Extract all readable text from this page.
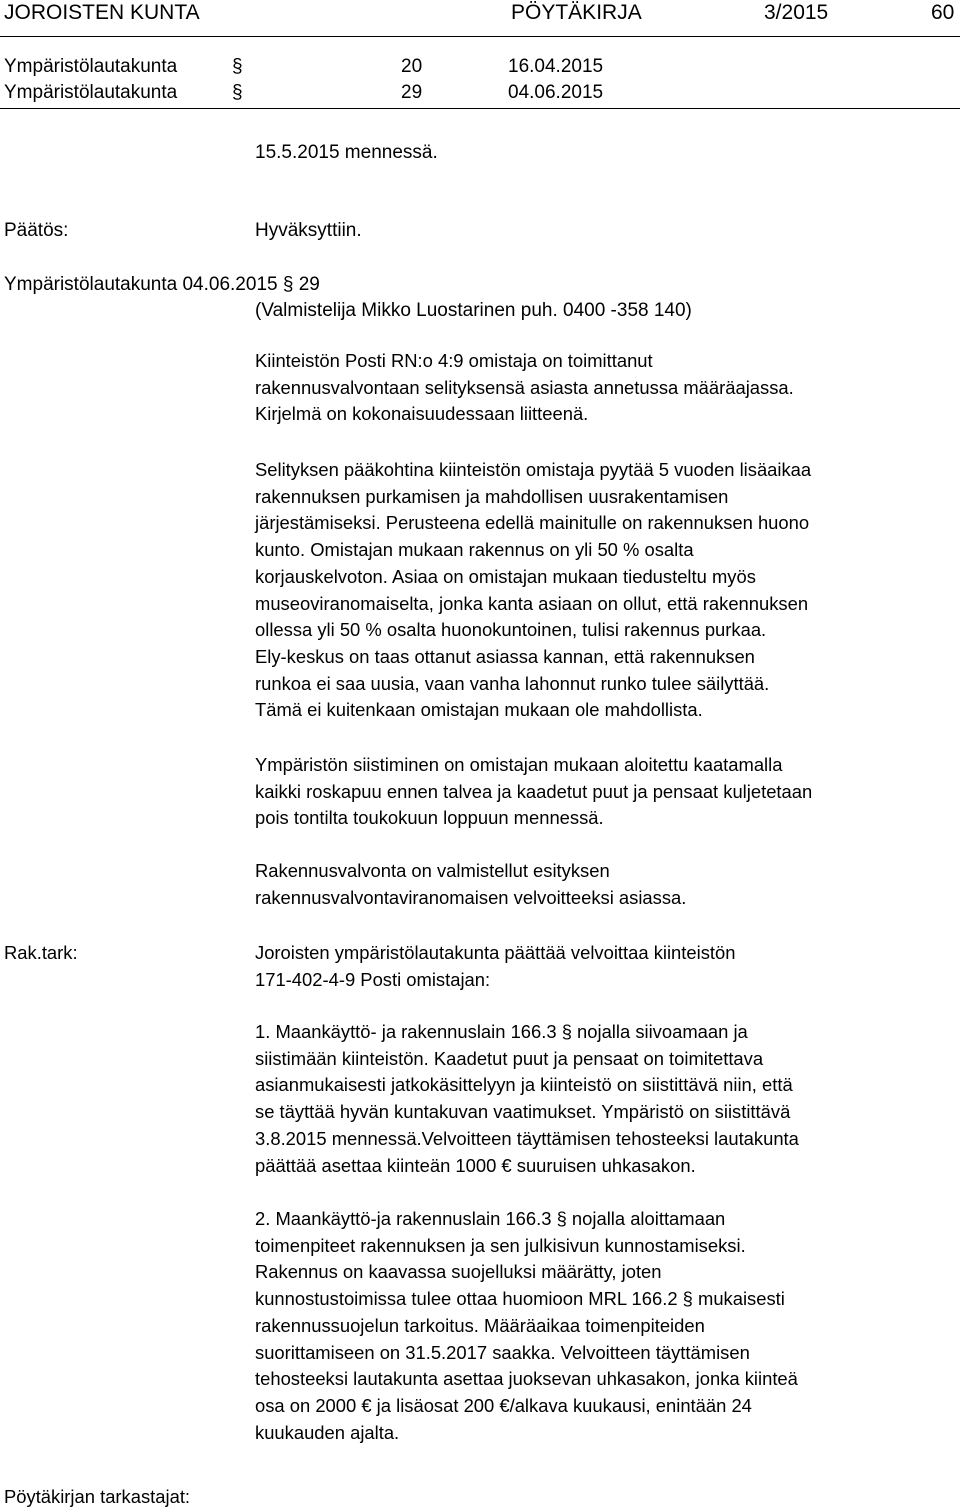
JOROISTEN KUNTA	PÖYTÄKIRJA	3/2015	60
Ympäristölautakunta	§	20	16.04.2015
Ympäristölautakunta	§	29	04.06.2015
15.5.2015 mennessä.
Päätös:	Hyväksyttiin.
Ympäristölautakunta 04.06.2015 § 29
(Valmistelija Mikko Luostarinen puh. 0400 -358 140)
Kiinteistön Posti RN:o 4:9 omistaja on toimittanut
rakennusvalvontaan selityksensä asiasta annetussa määräajassa.
Kirjelmä on kokonaisuudessaan liitteenä.
Selityksen pääkohtina kiinteistön omistaja pyytää 5 vuoden lisäaikaa
rakennuksen purkamisen ja mahdollisen uusrakentamisen
järjestämiseksi. Perusteena edellä mainitulle on rakennuksen huono
kunto. Omistajan mukaan rakennus on yli 50 % osalta
korjauskelvoton. Asiaa on omistajan mukaan tiedusteltu myös
museoviranomaiselta, jonka kanta asiaan on ollut, että rakennuksen
ollessa yli 50 % osalta huonokuntoinen, tulisi rakennus purkaa.
Ely-keskus on taas ottanut asiassa kannan, että rakennuksen
runkoa ei saa uusia, vaan vanha lahonnut runko tulee säilyttää.
Tämä ei kuitenkaan omistajan mukaan ole mahdollista.
Ympäristön siistiminen on omistajan mukaan aloitettu kaatamalla
kaikki roskapuu ennen talvea ja kaadetut puut ja pensaat kuljetetaan
pois tontilta toukokuun loppuun mennessä.
Rakennusvalvonta on valmistellut esityksen
rakennusvalvontaviranomaisen velvoitteeksi asiassa.
Rak.tark:	Joroisten ympäristölautakunta päättää velvoittaa kiinteistön
171-402-4-9 Posti omistajan:
1. Maankäyttö- ja rakennuslain 166.3 § nojalla siivoamaan ja
siistimään kiinteistön. Kaadetut puut ja pensaat on toimitettava
asianmukaisesti jatkokäsittelyyn ja kiinteistö on siistittävä niin, että
se täyttää hyvän kuntakuvan vaatimukset. Ympäristö on siistittävä
3.8.2015 mennessä.Velvoitteen täyttämisen tehosteeksi lautakunta
päättää asettaa kiinteän 1000 € suuruisen uhkasakon.
2. Maankäyttö-ja rakennuslain 166.3 § nojalla aloittamaan
toimenpiteet rakennuksen ja sen julkisivun kunnostamiseksi.
Rakennus on kaavassa suojelluksi määrätty, joten
kunnostustoimissa tulee ottaa huomioon MRL 166.2 § mukaisesti
rakennussuojelun tarkoitus. Määräaikaa toimenpiteiden
suorittamiseen on 31.5.2017 saakka. Velvoitteen täyttämisen
tehosteeksi lautakunta asettaa juoksevan uhkasakon, jonka kiinteä
osa on 2000 € ja lisäosat 200 €/alkava kuukausi, enintään 24
kuukauden ajalta.
Pöytäkirjan tarkastajat:
